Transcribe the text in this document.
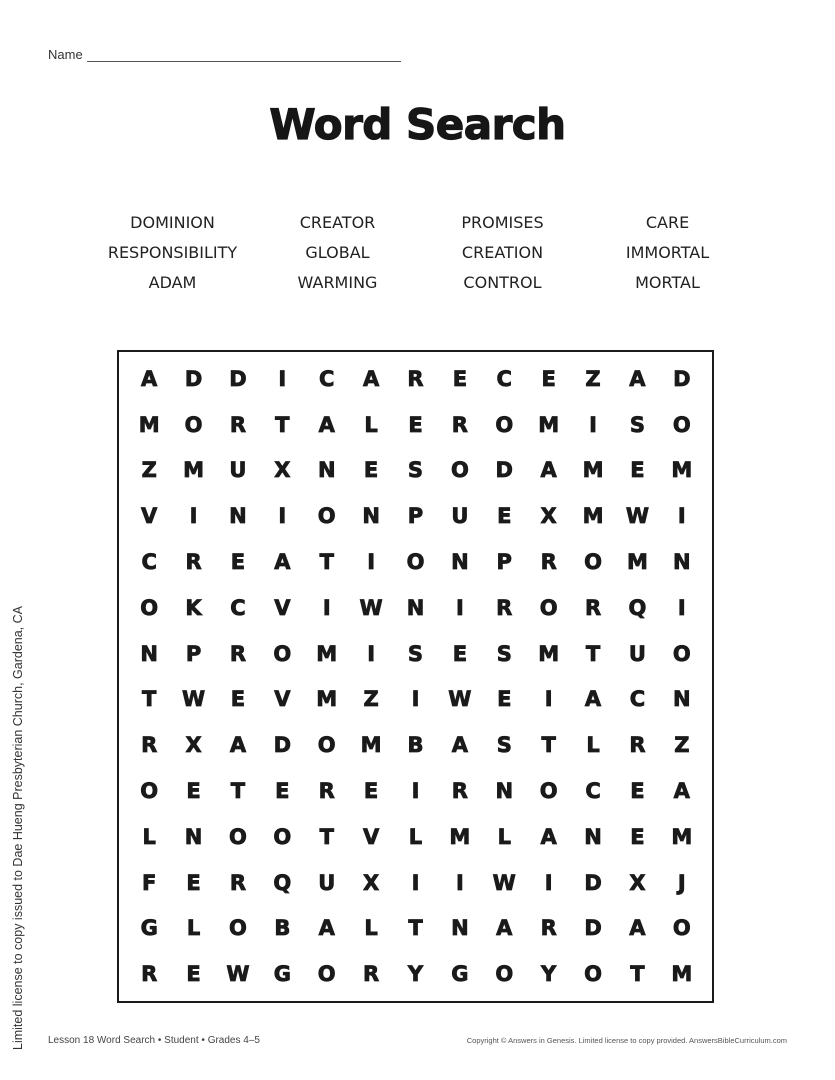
Name
Word Search
DOMINION	CREATOR	PROMISES	CARE
RESPONSIBILITY	GLOBAL	CREATION	IMMORTAL
ADAM	WARMING	CONTROL	MORTAL
A	D	D	I	C	A	R	E	C	E	Z	A	D
M	O	R	T	A	L	E	R	O	M	I	S	O
Z	M	U	X	N	E	S	O	D	A	M	E	M
V	I	N	I	O	N	P	U	E	X	M	W	I
C	R	E	A	T	I	O	N	P	R	O	M	N
O	K	C	V	I	W	N	I	R	O	R	Q	I
N	P	R	O	M	I	S	E	S	M	T	U	O
T	W	E	V	M	Z	I	W	E	I	A	C	N
R	X	A	D	O	M	B	A	S	T	L	R	Z
O	E	T	E	R	E	I	R	N	O	C	E	A
L	N	O	O	T	V	L	M	L	A	N	E	M
F	E	R	Q	U	X	I	I	W	I	D	X	J
G	L	O	B	A	L	T	N	A	R	D	A	O
R	E	W	G	O	R	Y	G	O	Y	O	T	M
Limited license to copy issued to Dae Hueng Presbyterian Church, Gardena, CA Lesson 18 Word Search • Student • Grades 4–5	Copyright © Answers in Genesis. Limited license to copy provided. AnswersBibleCurriculum.com
